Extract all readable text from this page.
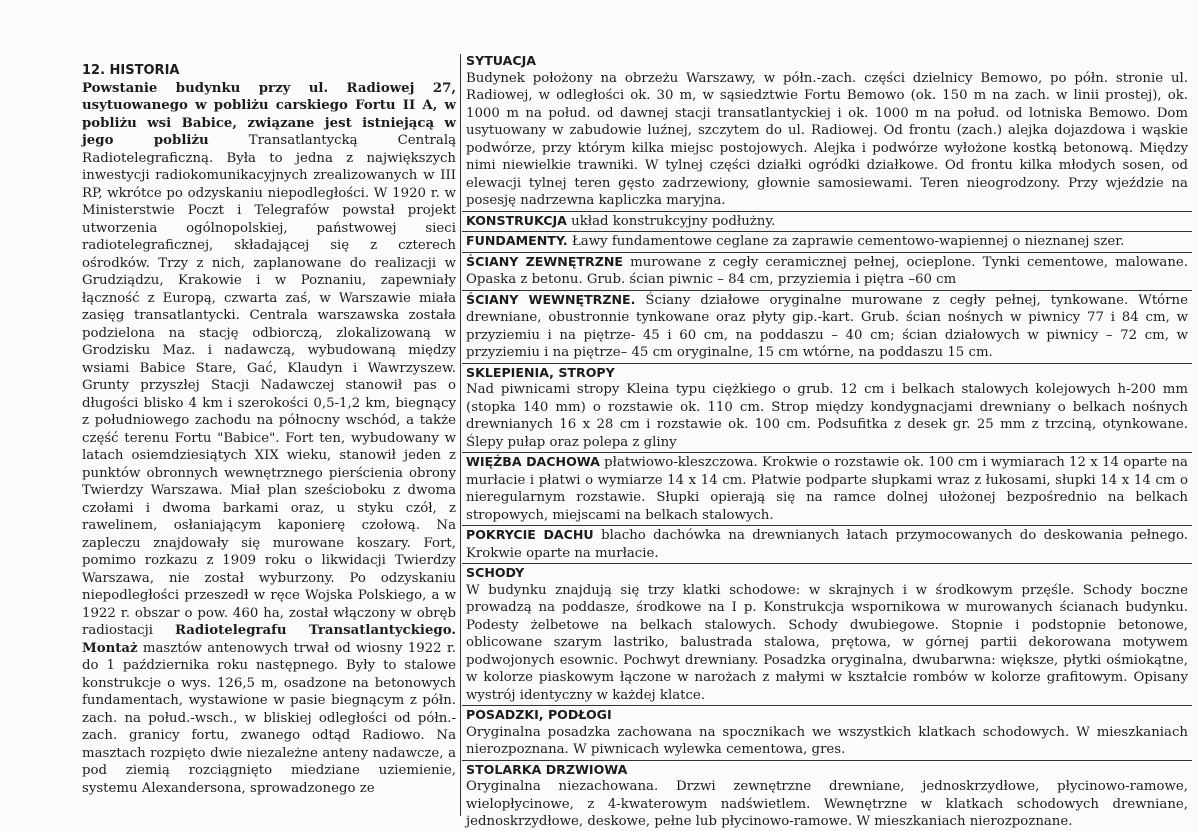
12. HISTORIA

Powstanie budynku przy ul. Radiowej 27, usytuowanego w pobliżu carskiego Fortu II A, w pobliżu wsi Babice, związane jest istniejącą w jego pobliżu Transatlantycką Centralą Radiotelegraficzną. Była to jedna z największych inwestycji radiokomunikacyjnych zrealizowanych w III RP, wkrótce po odzyskaniu niepodległości. W 1920 r. w Ministerstwie Poczt i Telegrafów powstał projekt utworzenia ogólnopolskiej, państwowej sieci radiotelegraficznej, składającej się z czterech ośrodków. Trzy z nich, zaplanowane do realizacji w Grudziądzu, Krakowie i w Poznaniu, zapewniały łączność z Europą, czwarta zaś, w Warszawie miała zasięg transatlantycki. Centrala warszawska została podzielona na stację odbiorczą, zlokalizowaną w Grodzisku Maz. i nadawczą, wybudowaną między wsiami Babice Stare, Gać, Klaudyn i Wawrzyszew. Grunty przyszłej Stacji Nadawczej stanowił pas o długości blisko 4 km i szerokości 0,5-1,2 km, biegnący z południowego zachodu na północny wschód, a także część terenu Fortu "Babice". Fort ten, wybudowany w latach osiemdziesiątych XIX wieku, stanowił jeden z punktów obronnych wewnętrznego pierścienia obrony Twierdzy Warszawa. Miał plan sześcioboku z dwoma czołami i dwoma barkami oraz, u styku czół, z rawelinem, osłaniającym kaponierę czołową. Na zapleczu znajdowały się murowane koszary. Fort, pomimo rozkazu z 1909 roku o likwidacji Twierdzy Warszawa, nie został wyburzony. Po odzyskaniu niepodległości przeszedł w ręce Wojska Polskiego, a w 1922 r. obszar o pow. 460 ha, został włączony w obręb radiostacji Radiotelegrafu Transatlantyckiego. Montaż masztów antenowych trwał od wiosny 1922 r. do 1 października roku następnego. Były to stalowe konstrukcje o wys. 126,5 m, osadzone na betonowych fundamentach, wystawione w pasie biegnącym z półn. zach. na połud.-wsch., w bliskiej odległości od półn.-zach. granicy fortu, zwanego odtąd Radiowo. Na masztach rozpięto dwie niezależne anteny nadawcze, a pod ziemią rozciągnięto miedziane uziemienie, systemu Alexandersona, sprowadzonego ze

SYTUACJA

Budynek położony na obrzeżu Warszawy, w półn.-zach. części dzielnicy Bemowo, po półn. stronie ul. Radiowej, w odległości ok. 30 m, w sąsiedztwie Fortu Bemowo (ok. 150 m na zach. w linii prostej), ok. 1000 m na połud. od dawnej stacji transatlantyckiej i ok. 1000 m na połud. od lotniska Bemowo. Dom usytuowany w zabudowie luźnej, szczytem do ul. Radiowej. Od frontu (zach.) alejka dojazdowa i wąskie podwórze, przy którym kilka miejsc postojowych. Alejka i podwórze wyłożone kostką betonową. Między nimi niewielkie trawniki. W tylnej części działki ogródki działkowe. Od frontu kilka młodych sosen, od elewacji tylnej teren gęsto zadrzewiony, głownie samosiewami. Teren nieogrodzony. Przy wjeździe na posesję nadrzewna kapliczka maryjna.

KONSTRUKCJA układ konstrukcyjny podłużny.

FUNDAMENTY. Ławy fundamentowe ceglane za zaprawie cementowo-wapiennej o nieznanej szer.

ŚCIANY ZEWNĘTRZNE murowane z cegły ceramicznej pełnej, ocieplone. Tynki cementowe, malowane. Opaska z betonu. Grub. ścian piwnic – 84 cm, przyziemia i piętra –60 cm

ŚCIANY WEWNĘTRZNE. Ściany działowe oryginalne murowane z cegły pełnej, tynkowane. Wtórne drewniane, obustronnie tynkowane oraz płyty gip.-kart. Grub. ścian nośnych w piwnicy 77 i 84 cm, w przyziemiu i na piętrze- 45 i 60 cm, na poddaszu – 40 cm; ścian działowych w piwnicy – 72 cm, w przyziemiu i na piętrze– 45 cm oryginalne, 15 cm wtórne, na poddaszu 15 cm.

SKLEPIENIA, STROPY

Nad piwnicami stropy Kleina typu ciężkiego o grub. 12 cm i belkach stalowych kolejowych h-200 mm (stopka 140 mm) o rozstawie ok. 110 cm. Strop między kondygnacjami drewniany o belkach nośnych drewnianych 16 x 28 cm i rozstawie ok. 100 cm. Podsufitka z desek gr. 25 mm z trzciną, otynkowane. Ślepy pułap oraz polepa z gliny

WIĘŹBA DACHOWA płatwiowo-kleszczowa. Krokwie o rozstawie ok. 100 cm i wymiarach 12 x 14 oparte na murłacie i płatwi o wymiarze 14 x 14 cm. Płatwie podparte słupkami wraz z łukosami, słupki 14 x 14 cm o nieregularnym rozstawie. Słupki opierają się na ramce dolnej ułożonej bezpośrednio na belkach stropowych, miejscami na belkach stalowych.

POKRYCIE DACHU blacho dachówka na drewnianych łatach przymocowanych do deskowania pełnego. Krokwie oparte na murłacie.

SCHODY

W budynku znajdują się trzy klatki schodowe: w skrajnych i w środkowym przęśle. Schody boczne prowadzą na poddasze, środkowe na I p. Konstrukcja wspornikowa w murowanych ścianach budynku. Podesty żelbetowe na belkach stalowych. Schody dwubiegowe. Stopnie i podstopnie betonowe, oblicowane szarym lastriko, balustrada stalowa, prętowa, w górnej partii dekorowana motywem podwojonych esownic. Pochwyt drewniany. Posadzka oryginalna, dwubarwna: większe, płytki ośmiokątne, w kolorze piaskowym łączone w narożach z małymi w kształcie rombów w kolorze grafitowym. Opisany wystrój identyczny w każdej klatce.

POSADZKI, PODŁOGI

Oryginalna posadzka zachowana na spocznikach we wszystkich klatkach schodowych. W mieszkaniach nierozpoznana. W piwnicach wylewka cementowa, gres.

STOLARKA DRZWIOWA

Oryginalna niezachowana. Drzwi zewnętrzne drewniane, jednoskrzydłowe, płycinowo-ramowe, wielopłycinowe, z 4-kwaterowym nadświetlem. Wewnętrzne w klatkach schodowych drewniane, jednoskrzydłowe, deskowe, pełne lub płycinowo-ramowe. W mieszkaniach nierozpoznane.
